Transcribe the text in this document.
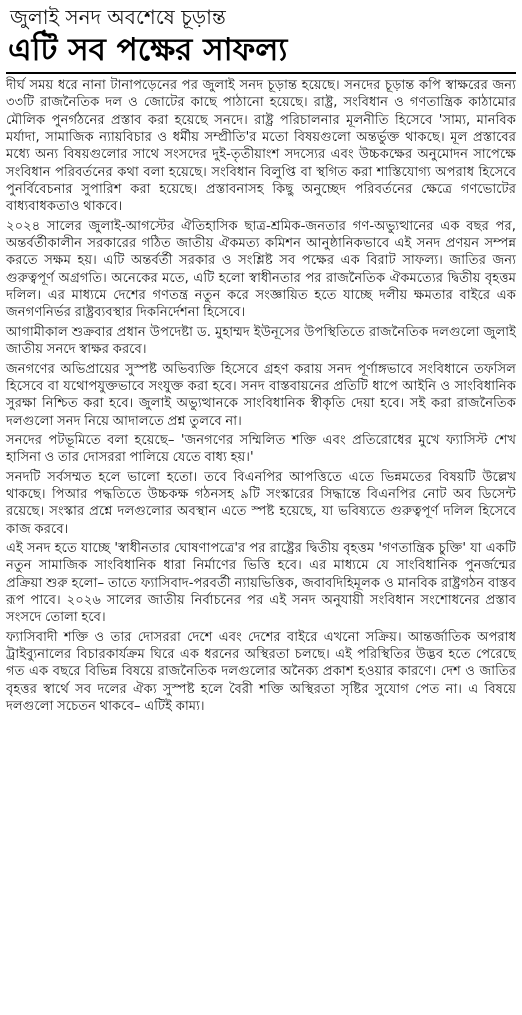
জুলাই সনদ অবশেষে চূড়ান্ত
এটি সব পক্ষের সাফল্য

দীর্ঘ সময় ধরে নানা টানাপড়েনের পর জুলাই সনদ চূড়ান্ত হয়েছে। সনদের চূড়ান্ত কপি স্বাক্ষরের জন্য ৩৩টি রাজনৈতিক দল ও জোটের কাছে পাঠানো হয়েছে। রাষ্ট্র, সংবিধান ও গণতান্ত্রিক কাঠামোর মৌলিক পুনর্গঠনের প্রস্তাব করা হয়েছে সনদে। রাষ্ট্র পরিচালনার মূলনীতি হিসেবে 'সাম্য, মানবিক মর্যাদা, সামাজিক ন্যায়বিচার ও ধর্মীয় সম্প্রীতি'র মতো বিষয়গুলো অন্তর্ভুক্ত থাকছে। মূল প্রস্তাবের মধ্যে অন্য বিষয়গুলোর সাথে সংসদের দুই-তৃতীয়াংশ সদস্যের এবং উচ্চকক্ষের অনুমোদন সাপেক্ষে সংবিধান পরিবর্তনের কথা বলা হয়েছে। সংবিধান বিলুপ্তি বা স্থগিত করা শাস্তিযোগ্য অপরাধ হিসেবে পুনর্বিবেচনার সুপারিশ করা হয়েছে। প্রস্তাবনাসহ কিছু অনুচ্ছেদ পরিবর্তনের ক্ষেত্রে গণভোটের বাধ্যবাধকতাও থাকবে।

২০২৪ সালের জুলাই-আগস্টের ঐতিহাসিক ছাত্র-শ্রমিক-জনতার গণ-অভ্যুত্থানের এক বছর পর, অন্তর্বর্তীকালীন সরকারের গঠিত জাতীয় ঐকমত্য কমিশন আনুষ্ঠানিকভাবে এই সনদ প্রণয়ন সম্পন্ন করতে সক্ষম হয়। এটি অন্তর্বর্তী সরকার ও সংশ্লিষ্ট সব পক্ষের এক বিরাট সাফল্য। জাতির জন্য গুরুত্বপূর্ণ অগ্রগতি। অনেকের মতে, এটি হলো স্বাধীনতার পর রাজনৈতিক ঐকমত্যের দ্বিতীয় বৃহত্তম দলিল। এর মাধ্যমে দেশের গণতন্ত্র নতুন করে সংজ্ঞায়িত হতে যাচ্ছে দলীয় ক্ষমতার বাইরে এক জনগণনির্ভর রাষ্ট্রব্যবস্থার দিকনির্দেশনা হিসেবে।

আগামীকাল শুক্রবার প্রধান উপদেষ্টা ড. মুহাম্মদ ইউনূসের উপস্থিতিতে রাজনৈতিক দলগুলো জুলাই জাতীয় সনদে স্বাক্ষর করবে।

জনগণের অভিপ্রায়ের সুস্পষ্ট অভিব্যক্তি হিসেবে গ্রহণ করায় সনদ পূর্ণাঙ্গভাবে সংবিধানে তফসিল হিসেবে বা যথোপযুক্তভাবে সংযুক্ত করা হবে। সনদ বাস্তবায়নের প্রতিটি ধাপে আইনি ও সাংবিধানিক সুরক্ষা নিশ্চিত করা হবে। জুলাই অভ্যুত্থানকে সাংবিধানিক স্বীকৃতি দেয়া হবে। সই করা রাজনৈতিক দলগুলো সনদ নিয়ে আদালতে প্রশ্ন তুলবে না।

সনদের পটভূমিতে বলা হয়েছে– 'জনগণের সম্মিলিত শক্তি এবং প্রতিরোধের মুখে ফ্যাসিস্ট শেখ হাসিনা ও তার দোসররা পালিয়ে যেতে বাধ্য হয়।'

সনদটি সর্বসম্মত হলে ভালো হতো। তবে বিএনপির আপত্তিতে এতে ভিন্নমতের বিষয়টি উল্লেখ থাকছে। পিআর পদ্ধতিতে উচ্চকক্ষ গঠনসহ ৯টি সংস্কারের সিদ্ধান্তে বিএনপির নোট অব ডিসেন্ট রয়েছে। সংস্কার প্রশ্নে দলগুলোর অবস্থান এতে স্পষ্ট হয়েছে, যা ভবিষ্যতে গুরুত্বপূর্ণ দলিল হিসেবে কাজ করবে।

এই সনদ হতে যাচ্ছে 'স্বাধীনতার ঘোষণাপত্রে'র পর রাষ্ট্রের দ্বিতীয় বৃহত্তম 'গণতান্ত্রিক চুক্তি' যা একটি নতুন সামাজিক সাংবিধানিক ধারা নির্মাণের ভিত্তি হবে। এর মাধ্যমে যে সাংবিধানিক পুনর্জন্মের প্রক্রিয়া শুরু হলো– তাতে ফ্যাসিবাদ-পরবর্তী ন্যায়ভিত্তিক, জবাবদিহিমূলক ও মানবিক রাষ্ট্রগঠন বাস্তব রূপ পাবে। ২০২৬ সালের জাতীয় নির্বাচনের পর এই সনদ অনুযায়ী সংবিধান সংশোধনের প্রস্তাব সংসদে তোলা হবে।

ফ্যাসিবাদী শক্তি ও তার দোসররা দেশে এবং দেশের বাইরে এখনো সক্রিয়। আন্তর্জাতিক অপরাধ ট্রাইব্যুনালের বিচারকার্যক্রম ঘিরে এক ধরনের অস্থিরতা চলছে। এই পরিস্থিতির উদ্ভব হতে পেরেছে গত এক বছরে বিভিন্ন বিষয়ে রাজনৈতিক দলগুলোর অনৈক্য প্রকাশ হওয়ার কারণে। দেশ ও জাতির বৃহত্তর স্বার্থে সব দলের ঐক্য সুস্পষ্ট হলে বৈরী শক্তি অস্থিরতা সৃষ্টির সুযোগ পেত না। এ বিষয়ে দলগুলো সচেতন থাকবে– এটিই কাম্য।
